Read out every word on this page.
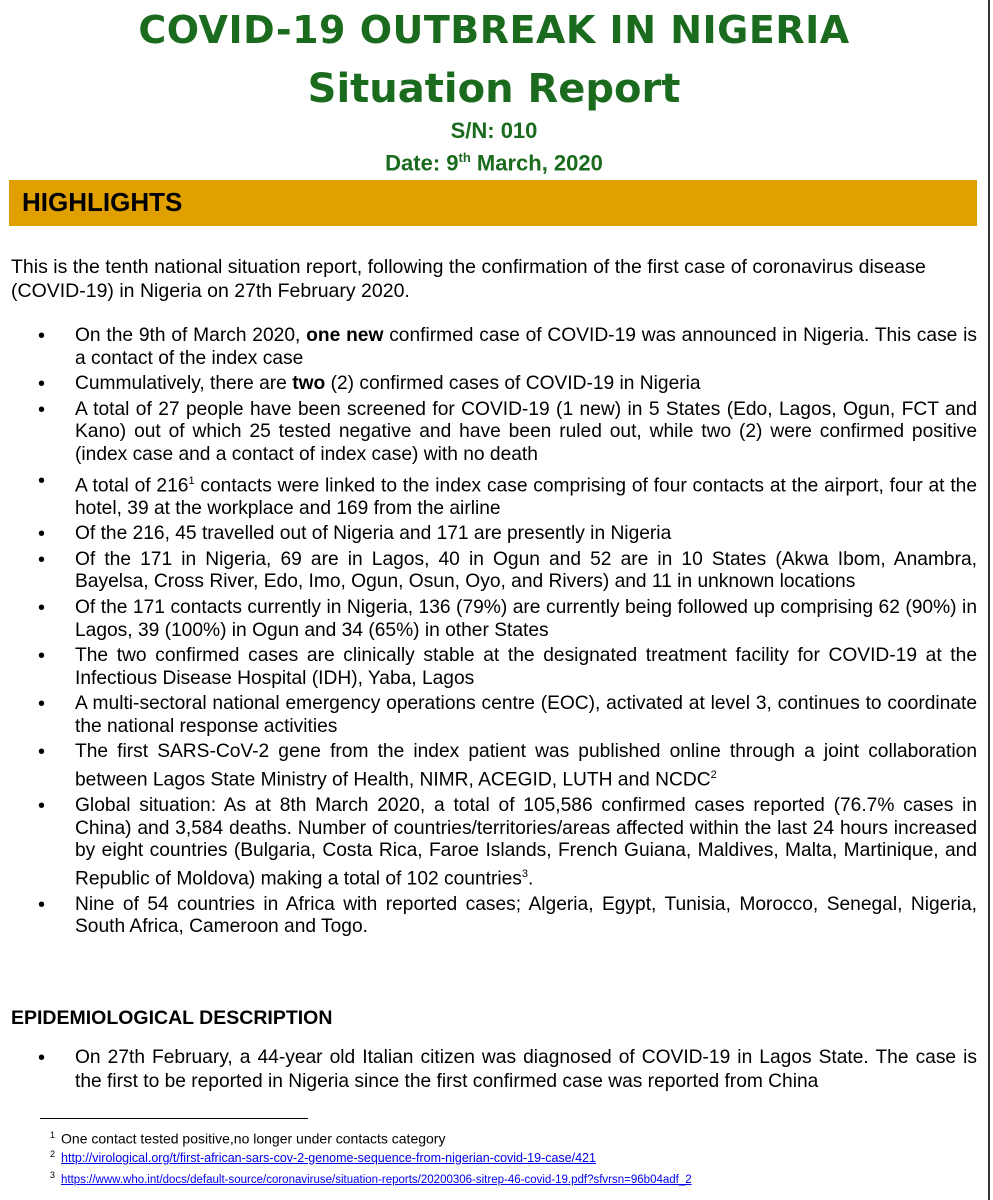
COVID-19 OUTBREAK IN NIGERIA
Situation Report
S/N: 010
Date: 9th March, 2020
HIGHLIGHTS
This is the tenth national situation report, following the confirmation of the first case of coronavirus disease (COVID-19) in Nigeria on 27th February 2020.
• On the 9th of March 2020, one new confirmed case of COVID-19 was announced in Nigeria. This case is a contact of the index case
• Cummulatively, there are two (2) confirmed cases of COVID-19 in Nigeria
• A total of 27 people have been screened for COVID-19 (1 new) in 5 States (Edo, Lagos, Ogun, FCT and Kano) out of which 25 tested negative and have been ruled out, while two (2) were confirmed positive (index case and a contact of index case) with no death
• A total of $216^1$ contacts were linked to the index case comprising of four contacts at the airport, four at the hotel, 39 at the workplace and 169 from the airline
• Of the 216, 45 travelled out of Nigeria and 171 are presently in Nigeria
• Of the 171 in Nigeria, 69 are in Lagos, 40 in Ogun and 52 are in 10 States (Akwa Ibom, Anambra, Bayelsa, Cross River, Edo, Imo, Ogun, Osun, Oyo, and Rivers) and 11 in unknown locations
• Of the 171 contacts currently in Nigeria, 136 (79%) are currently being followed up comprising 62 (90%) in Lagos, 39 (100%) in Ogun and 34 (65%) in other States
• The two confirmed cases are clinically stable at the designated treatment facility for COVID-19 at the Infectious Disease Hospital (IDH), Yaba, Lagos
• A multi-sectoral national emergency operations centre (EOC), activated at level 3, continues to coordinate the national response activities
• The first SARS-CoV-2 gene from the index patient was published online through a joint collaboration between Lagos State Ministry of Health, NIMR, ACEGID, LUTH and NCDC$^2$
• Global situation: As at 8th March 2020, a total of 105,586 confirmed cases reported (76.7% cases in China) and 3,584 deaths. Number of countries/territories/areas affected within the last 24 hours increased by eight countries (Bulgaria, Costa Rica, Faroe Islands, French Guiana, Maldives, Malta, Martinique, and Republic of Moldova) making a total of 102 countries$^3$.
• Nine of 54 countries in Africa with reported cases; Algeria, Egypt, Tunisia, Morocco, Senegal, Nigeria, South Africa, Cameroon and Togo.
EPIDEMIOLOGICAL DESCRIPTION
• On 27th February, a 44-year old Italian citizen was diagnosed of COVID-19 in Lagos State. The case is the first to be reported in Nigeria since the first confirmed case was reported from China
$^1$ One contact tested positive,no longer under contacts category
$^2$ http://virological.org/t/first-african-sars-cov-2-genome-sequence-from-nigerian-covid-19-case/421
$^3$ https://www.who.int/docs/default-source/coronaviruse/situation-reports/20200306-sitrep-46-covid-19.pdf?sfvrsn=96b04adf_2
